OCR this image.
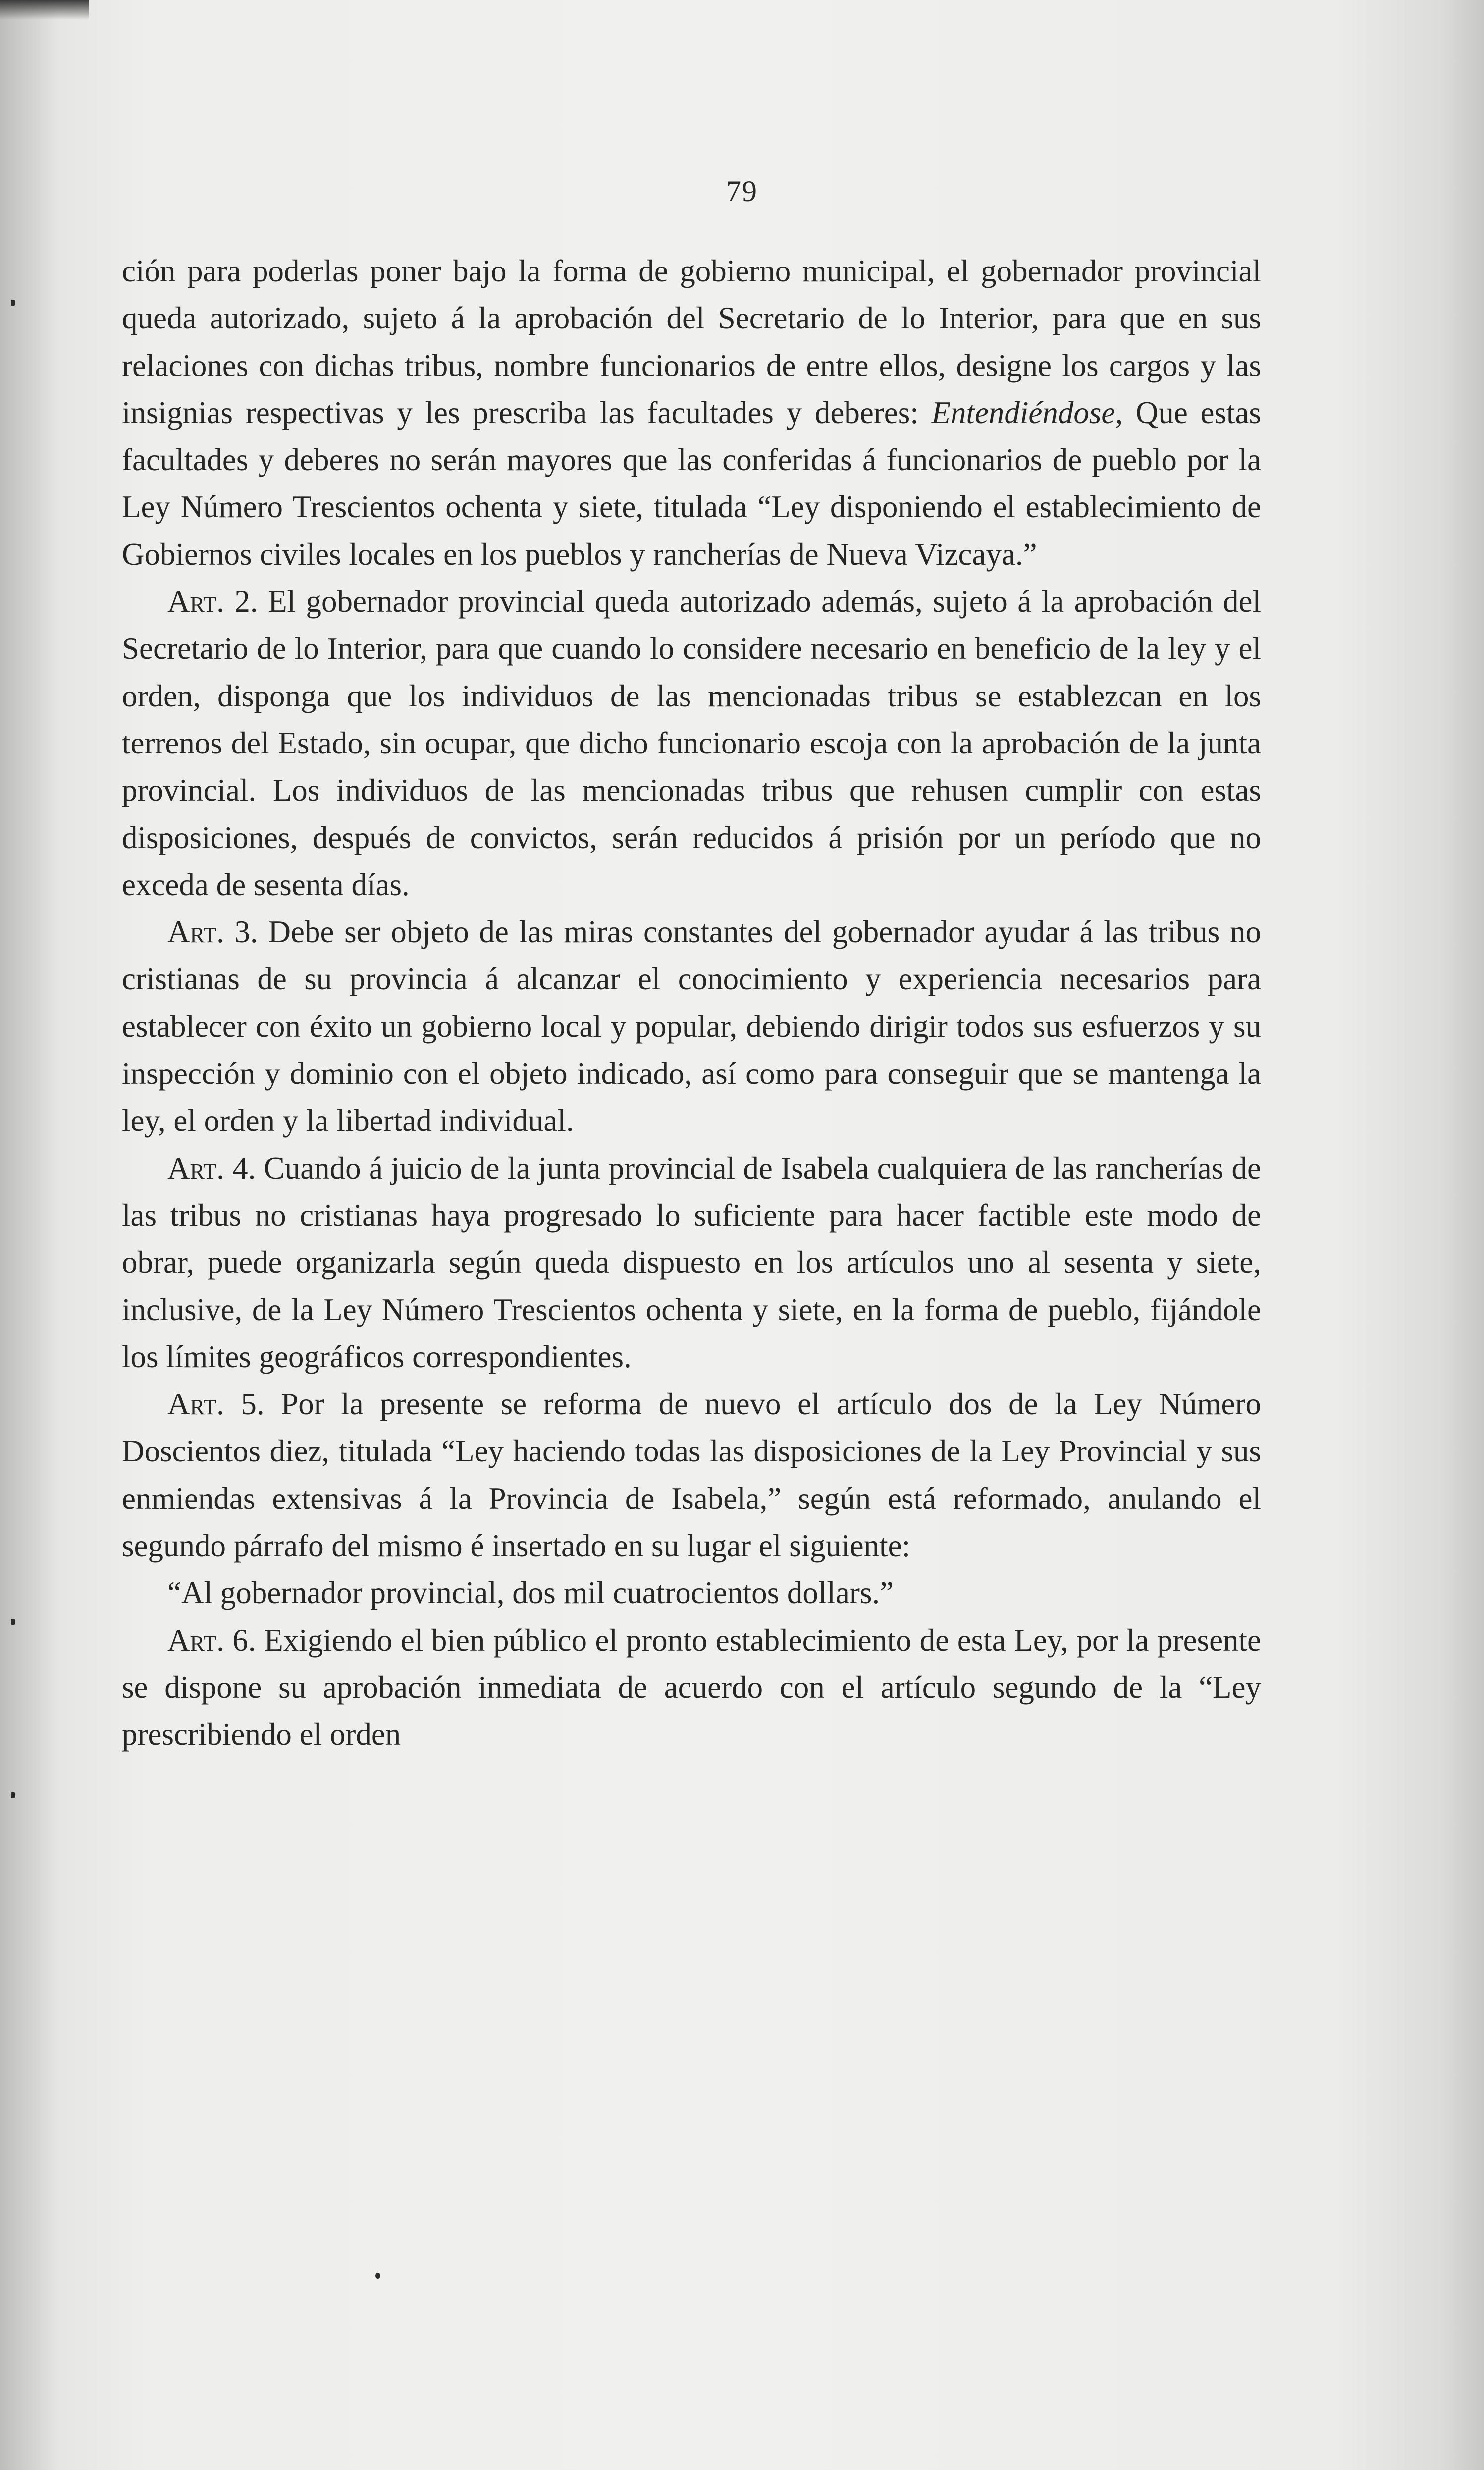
79

ción para poderlas poner bajo la forma de gobierno municipal, el gobernador provincial queda autorizado, sujeto á la aprobación del Secretario de lo Interior, para que en sus relaciones con dichas tribus, nombre funcionarios de entre ellos, designe los cargos y las insignias respectivas y les prescriba las facultades y deberes: Entendiéndose, Que estas facultades y deberes no serán mayores que las conferidas á funcionarios de pueblo por la Ley Número Trescientos ochenta y siete, titulada “Ley disponiendo el establecimiento de Gobiernos civiles locales en los pueblos y rancherías de Nueva Vizcaya.”

Art. 2. El gobernador provincial queda autorizado además, sujeto á la aprobación del Secretario de lo Interior, para que cuando lo considere necesario en beneficio de la ley y el orden, disponga que los individuos de las mencionadas tribus se establezcan en los terrenos del Estado, sin ocupar, que dicho funcionario escoja con la aprobación de la junta provincial. Los individuos de las mencionadas tribus que rehusen cumplir con estas disposiciones, después de convictos, serán reducidos á prisión por un período que no exceda de sesenta días.

Art. 3. Debe ser objeto de las miras constantes del gobernador ayudar á las tribus no cristianas de su provincia á alcanzar el conocimiento y experiencia necesarios para establecer con éxito un gobierno local y popular, debiendo dirigir todos sus esfuerzos y su inspección y dominio con el objeto indicado, así como para conseguir que se mantenga la ley, el orden y la libertad individual.

Art. 4. Cuando á juicio de la junta provincial de Isabela cualquiera de las rancherías de las tribus no cristianas haya progresado lo suficiente para hacer factible este modo de obrar, puede organizarla según queda dispuesto en los artículos uno al sesenta y siete, inclusive, de la Ley Número Trescientos ochenta y siete, en la forma de pueblo, fijándole los límites geográficos correspondientes.

Art. 5. Por la presente se reforma de nuevo el artículo dos de la Ley Número Doscientos diez, titulada “Ley haciendo todas las disposiciones de la Ley Provincial y sus enmiendas extensivas á la Provincia de Isabela,” según está reformado, anulando el segundo párrafo del mismo é insertado en su lugar el siguiente:

“Al gobernador provincial, dos mil cuatrocientos dollars.”

Art. 6. Exigiendo el bien público el pronto establecimiento de esta Ley, por la presente se dispone su aprobación inmediata de acuerdo con el artículo segundo de la “Ley prescribiendo el orden
